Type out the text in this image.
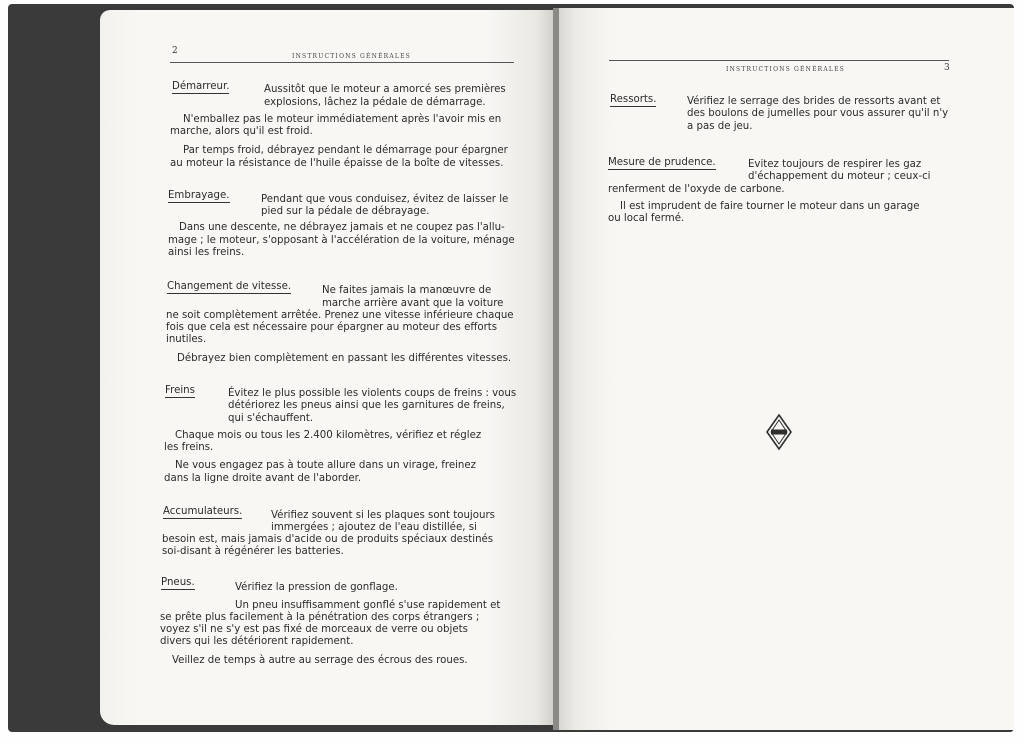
2
INSTRUCTIONS GÉNÉRALES
Démarreur.	Aussitôt que le moteur a amorcé ses premières
explosions, lâchez la pédale de démarrage.
N'emballez pas le moteur immédiatement après l'avoir mis en
marche, alors qu'il est froid.
Par temps froid, débrayez pendant le démarrage pour épargner
au moteur la résistance de l'huile épaisse de la boîte de vitesses.
Embrayage.	Pendant que vous conduisez, évitez de laisser le
pied sur la pédale de débrayage.
Dans une descente, ne débrayez jamais et ne coupez pas l'allu-
mage ; le moteur, s'opposant à l'accélération de la voiture, ménage
ainsi les freins.
Changement de vitesse.	Ne faites jamais la manœuvre de
marche arrière avant que la voiture
ne soit complètement arrêtée. Prenez une vitesse inférieure chaque
fois que cela est nécessaire pour épargner au moteur des efforts
inutiles.
Débrayez bien complètement en passant les différentes vitesses.
Freins	Évitez le plus possible les violents coups de freins : vous
détériorez les pneus ainsi que les garnitures de freins,
qui s'échauffent.
Chaque mois ou tous les 2.400 kilomètres, vérifiez et réglez
les freins.
Ne vous engagez pas à toute allure dans un virage, freinez
dans la ligne droite avant de l'aborder.
Accumulateurs.	Vérifiez souvent si les plaques sont toujours
immergées ; ajoutez de l'eau distillée, si
besoin est, mais jamais d'acide ou de produits spéciaux destinés
soi-disant à régénérer les batteries.
Pneus.	Vérifiez la pression de gonflage.
Un pneu insuffisamment gonflé s'use rapidement et
se prête plus facilement à la pénétration des corps étrangers ;
voyez s'il ne s'y est pas fixé de morceaux de verre ou objets
divers qui les détériorent rapidement.
Veillez de temps à autre au serrage des écrous des roues.
INSTRUCTIONS GÉNÉRALES	3
Ressorts.	Vérifiez le serrage des brides de ressorts avant et
des boulons de jumelles pour vous assurer qu'il n'y
a pas de jeu.
Mesure de prudence.	Evitez toujours de respirer les gaz
d'échappement du moteur ; ceux-ci
renferment de l'oxyde de carbone.
Il est imprudent de faire tourner le moteur dans un garage
ou local fermé.
